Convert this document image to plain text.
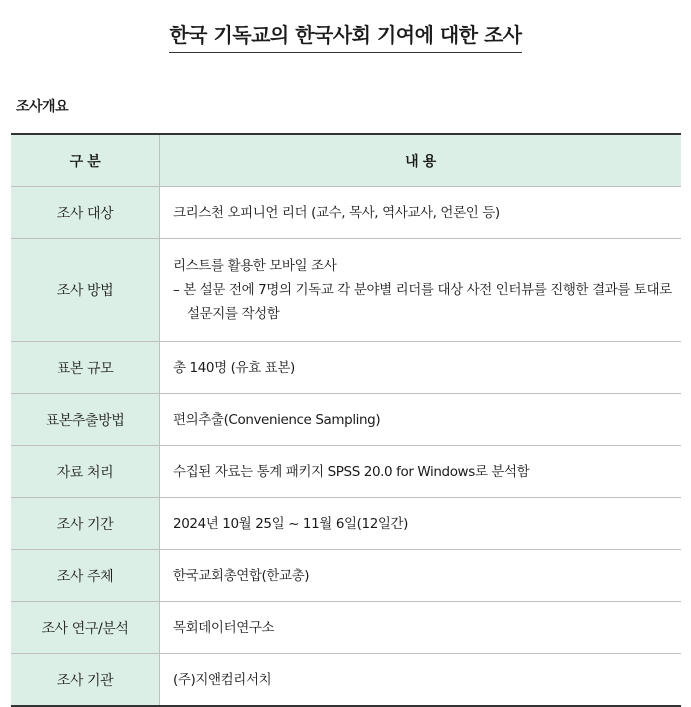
한국 기독교의 한국사회 기여에 대한 조사
조사개요
구 분	내 용
조사 대상	크리스천 오피니언 리더 (교수, 목사, 역사교사, 언론인 등)
조사 방법	리스트를 활용한 모바일 조사
– 본 설문 전에 7명의 기독교 각 분야별 리더를 대상 사전 인터뷰를 진행한 결과를 토대로 설문지를 작성함

표본 규모	총 140명 (유효 표본)
표본추출방법	편의추출(Convenience Sampling)
자료 처리	수집된 자료는 통계 패키지 SPSS 20.0 for Windows로 분석함
조사 기간	2024년 10월 25일 ~ 11월 6일(12일간)
조사 주체	한국교회총연합(한교총)
조사 연구/분석	목회데이터연구소
조사 기관	(주)지앤컴리서치
